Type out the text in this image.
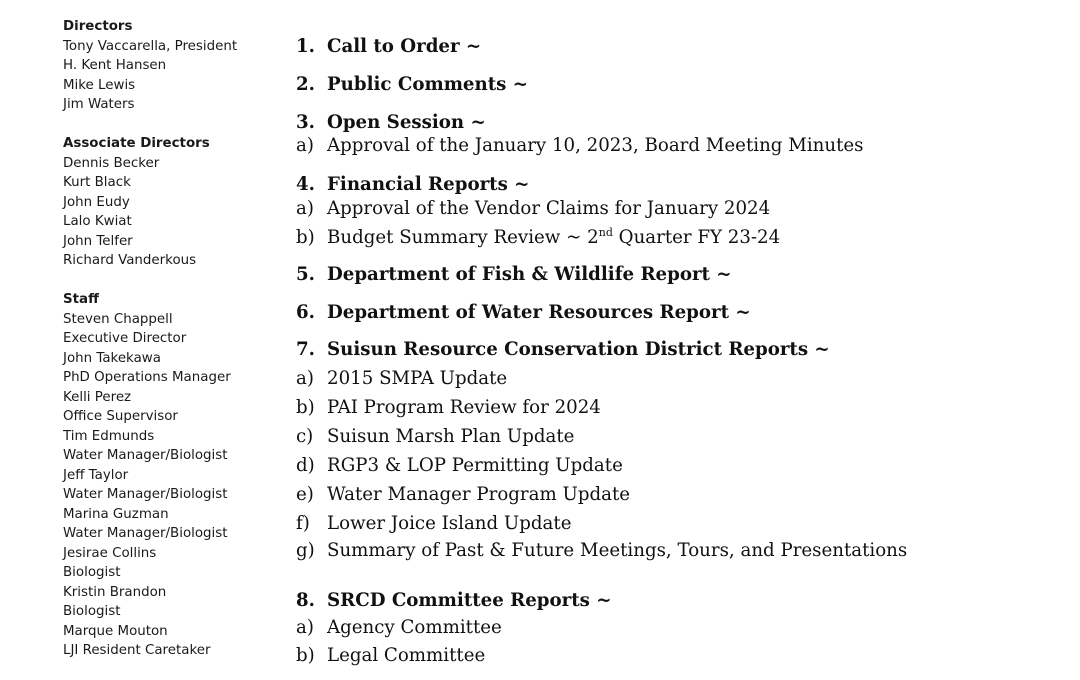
Directors
Tony Vaccarella, President
H. Kent Hansen
Mike Lewis
Jim Waters
Associate Directors
Dennis Becker
Kurt Black
John Eudy
Lalo Kwiat
John Telfer
Richard Vanderkous
Staff
Steven Chappell
Executive Director
John Takekawa
PhD Operations Manager
Kelli Perez
Office Supervisor
Tim Edmunds
Water Manager/Biologist
Jeff Taylor
Water Manager/Biologist
Marina Guzman
Water Manager/Biologist
Jesirae Collins
Biologist
Kristin Brandon
Biologist
Marque Mouton
LJI Resident Caretaker
1. Call to Order ~
2. Public Comments ~
3. Open Session ~
a) Approval of the January 10, 2023, Board Meeting Minutes
4. Financial Reports ~
a) Approval of the Vendor Claims for January 2024
b) Budget Summary Review ~ 2nd Quarter FY 23-24
5. Department of Fish & Wildlife Report ~
6. Department of Water Resources Report ~
7. Suisun Resource Conservation District Reports ~
a) 2015 SMPA Update
b) PAI Program Review for 2024
c) Suisun Marsh Plan Update
d) RGP3 & LOP Permitting Update
e) Water Manager Program Update
f) Lower Joice Island Update
g) Summary of Past & Future Meetings, Tours, and Presentations
8. SRCD Committee Reports ~
a) Agency Committee
b) Legal Committee
